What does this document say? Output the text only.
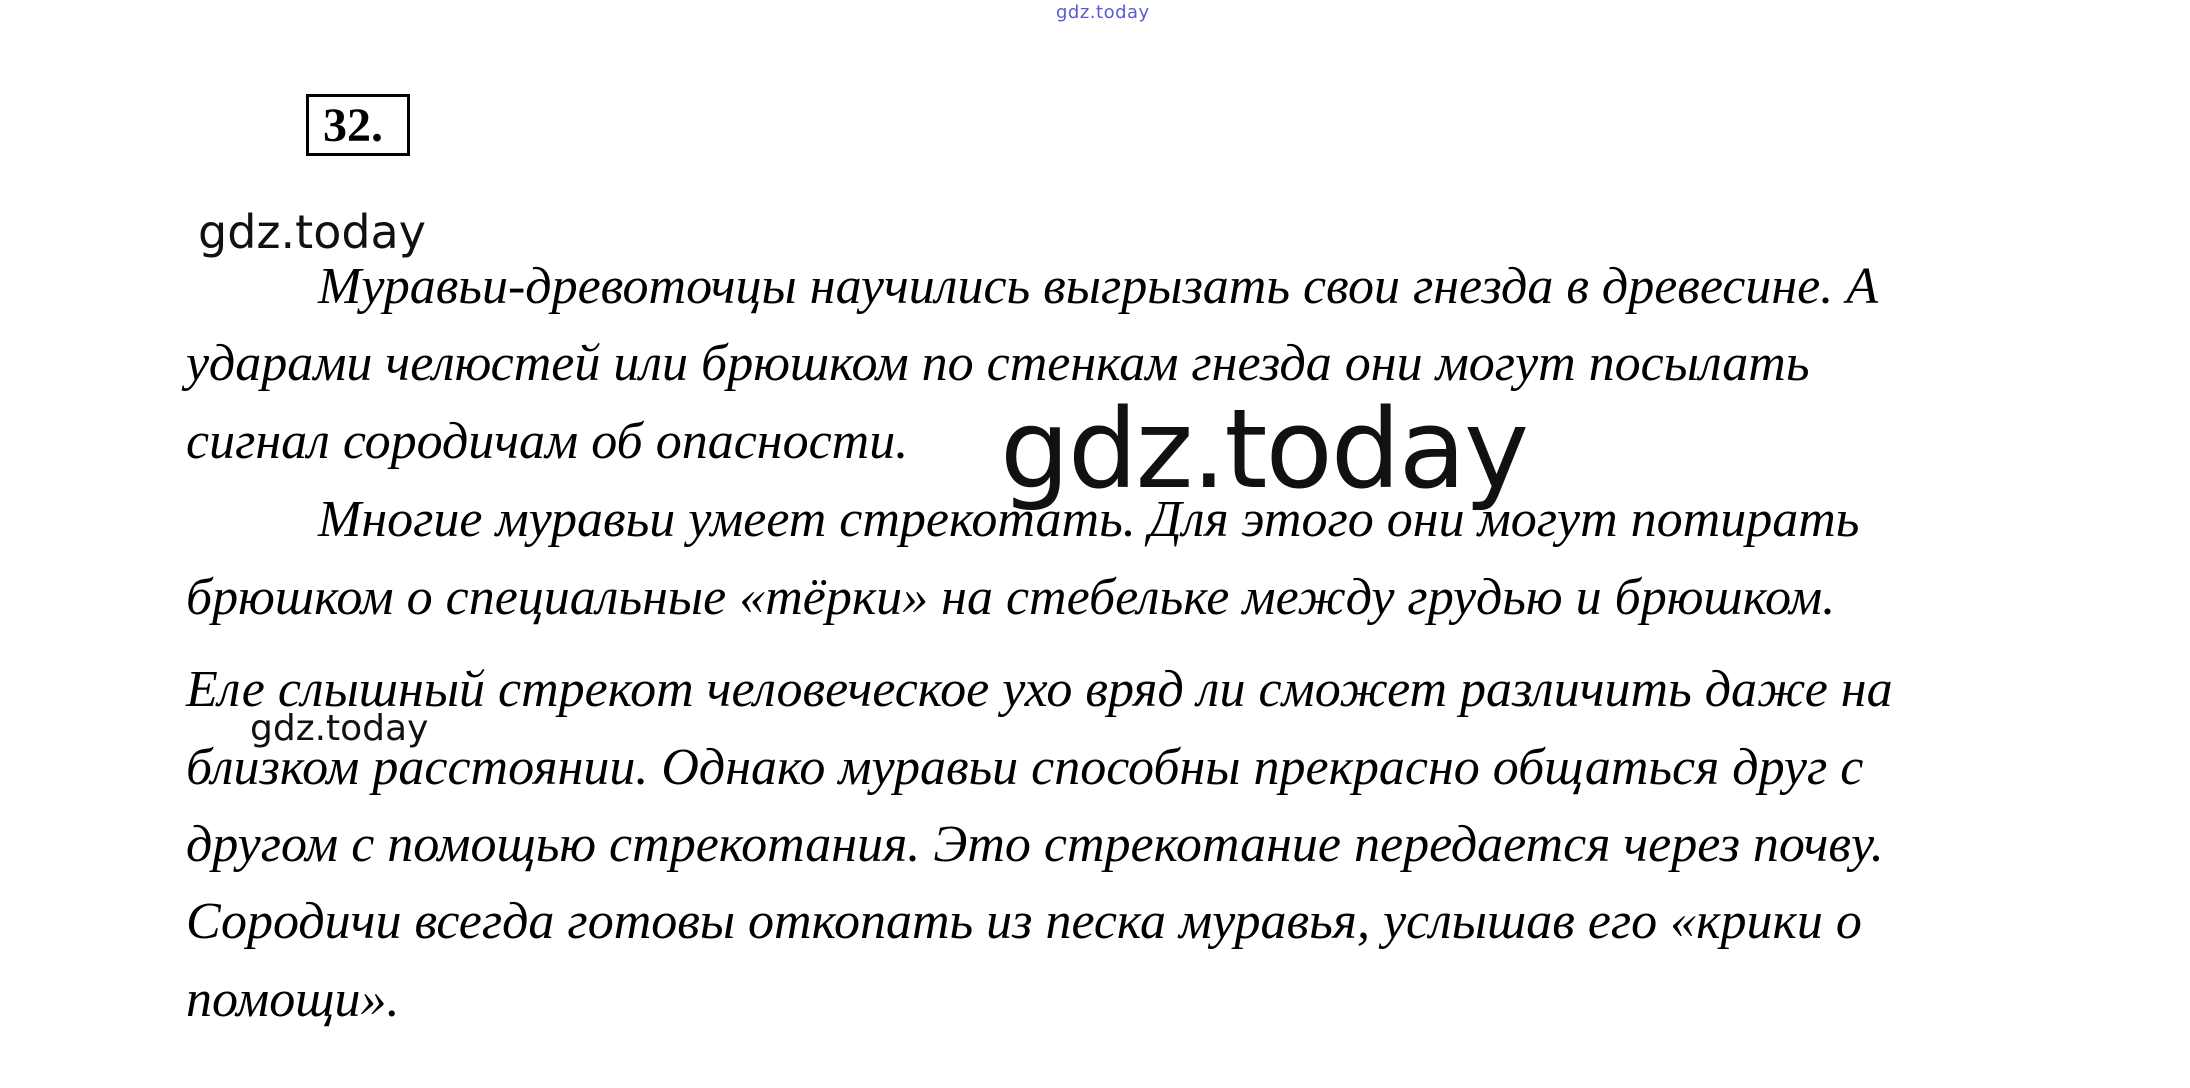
gdz.today
32.
Муравьи-древоточцы научились выгрызать свои гнезда в древесине. А
ударами челюстей или брюшком по стенкам гнезда они могут посылать
сигнал сородичам об опасности.
Многие муравьи умеет стрекотать. Для этого они могут потирать
брюшком о специальные «тёрки» на стебельке между грудью и брюшком.
Еле слышный стрекот человеческое ухо вряд ли сможет различить даже на
близком расстоянии. Однако муравьи способны прекрасно общаться друг с
другом с помощью стрекотания. Это стрекотание передается через почву.
Сородичи всегда готовы откопать из песка муравья, услышав его «крики о
помощи».
gdz.today
gdz.today
gdz.today
